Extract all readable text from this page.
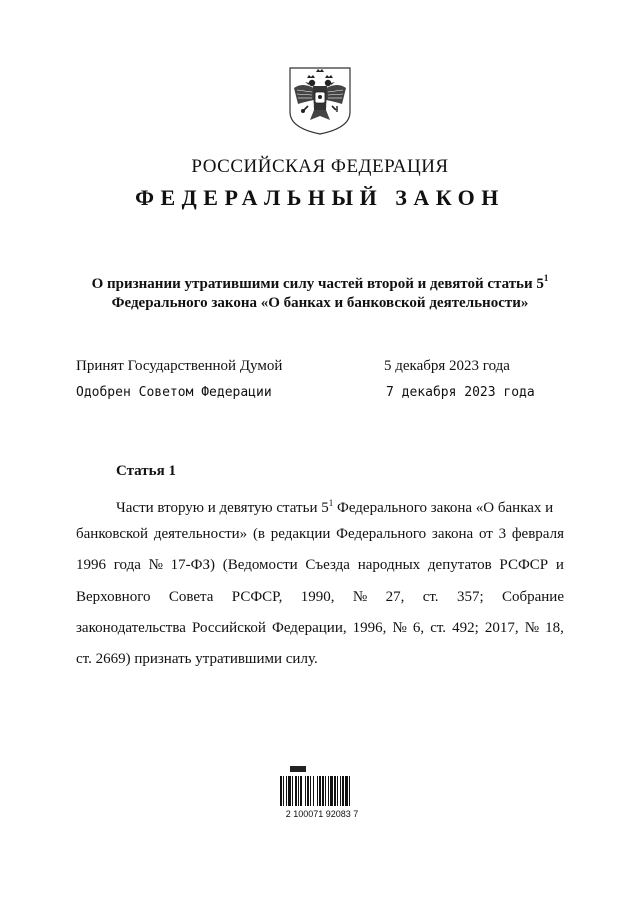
РОССИЙСКАЯ ФЕДЕРАЦИЯ
ФЕДЕРАЛЬНЫЙ ЗАКОН
О признании утратившими силу частей второй и девятой статьи $5^1$
Федерального закона «О банках и банковской деятельности»
Принят Государственной Думой	5 декабря 2023 года
Одобрен Советом Федерации	7 декабря 2023 года
Статья 1
Части вторую и девятую статьи $5^1$ Федерального закона «О банках и
банковской деятельности» (в редакции Федерального закона от 3 февраля
1996 года № 17-ФЗ) (Ведомости Съезда народных депутатов РСФСР и
Верховного Совета РСФСР, 1990, № 27, ст. 357; Собрание
законодательства Российской Федерации, 1996, № 6, ст. 492; 2017, № 18,
ст. 2669) признать утратившими силу.
2 100071 92083 7
